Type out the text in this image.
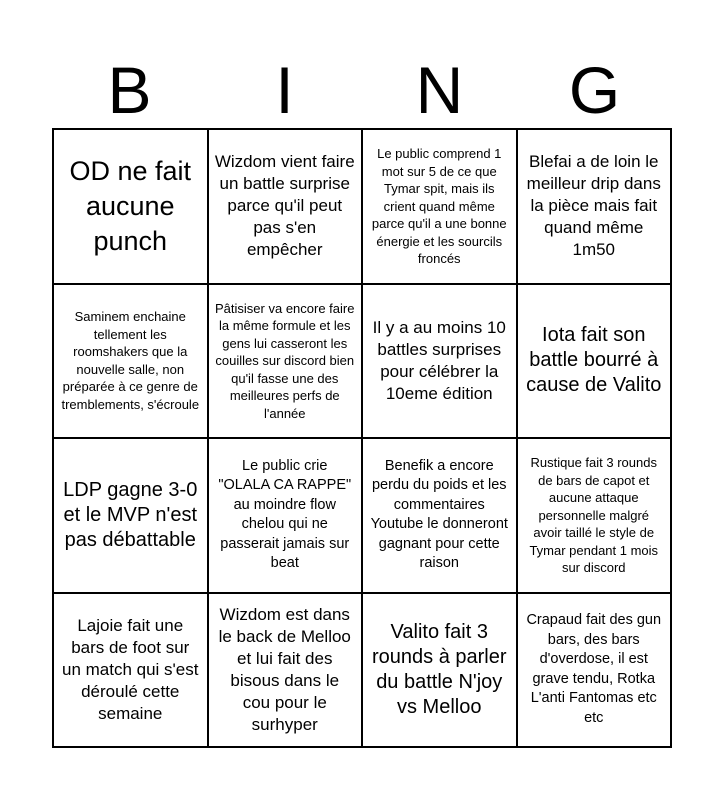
B	I	N	G
OD ne fait aucune punch
Wizdom vient faire un battle surprise parce qu'il peut pas s'en empêcher
Le public comprend 1 mot sur 5 de ce que Tymar spit, mais ils crient quand même parce qu'il a une bonne énergie et les sourcils froncés
Blefai a de loin le meilleur drip dans la pièce mais fait quand même 1m50
Saminem enchaine tellement les roomshakers que la nouvelle salle, non préparée à ce genre de tremblements, s'écroule
Pâtisiser va encore faire la même formule et les gens lui casseront les couilles sur discord bien qu'il fasse une des meilleures perfs de l'année
Il y a au moins 10 battles surprises pour célébrer la 10eme édition
Iota fait son battle bourré à cause de Valito
LDP gagne 3-0 et le MVP n'est pas débattable
Le public crie "OLALA CA RAPPE" au moindre flow chelou qui ne passerait jamais sur beat
Benefik a encore perdu du poids et les commentaires Youtube le donneront gagnant pour cette raison
Rustique fait 3 rounds de bars de capot et aucune attaque personnelle malgré avoir taillé le style de Tymar pendant 1 mois sur discord
Lajoie fait une bars de foot sur un match qui s'est déroulé cette semaine
Wizdom est dans le back de Melloo et lui fait des bisous dans le cou pour le surhyper
Valito fait 3 rounds à parler du battle N'joy vs Melloo
Crapaud fait des gun bars, des bars d'overdose, il est grave tendu, Rotka L'anti Fantomas etc etc
